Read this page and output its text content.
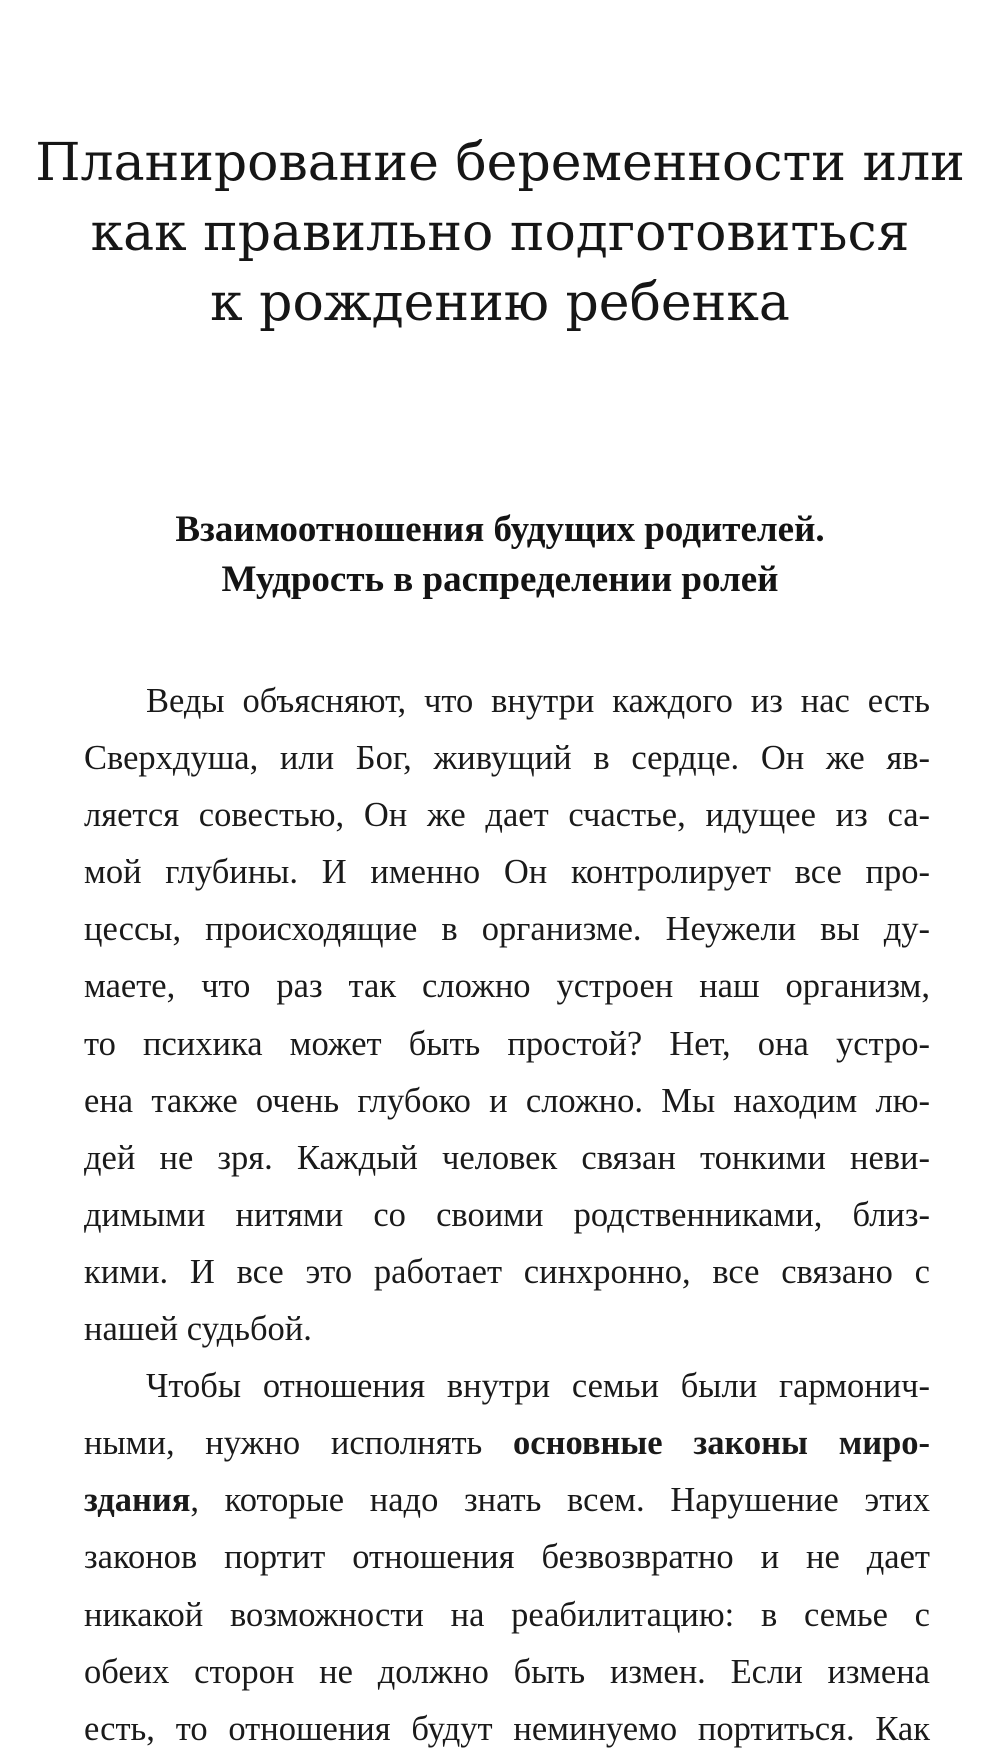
Планирование беременности или
как правильно подготовиться
к рождению ребенка
Взаимоотношения будущих родителей.
Мудрость в распределении ролей
Веды объясняют, что внутри каждого из нас есть
Сверхдуша, или Бог, живущий в сердце. Он же яв-
ляется совестью, Он же дает счастье, идущее из са-
мой глубины. И именно Он контролирует все про-
цессы, происходящие в организме. Неужели вы ду-
маете, что раз так сложно устроен наш организм,
то психика может быть простой? Нет, она устро-
ена также очень глубоко и сложно. Мы находим лю-
дей не зря. Каждый человек связан тонкими неви-
димыми нитями со своими родственниками, близ-
кими. И все это работает синхронно, все связано с
нашей судьбой.
Чтобы отношения внутри семьи были гармонич-
ными, нужно исполнять основные законы миро-
здания, которые надо знать всем. Нарушение этих
законов портит отношения безвозвратно и не дает
никакой возможности на реабилитацию: в семье с
обеих сторон не должно быть измен. Если измена
есть, то отношения будут неминуемо портиться. Как
